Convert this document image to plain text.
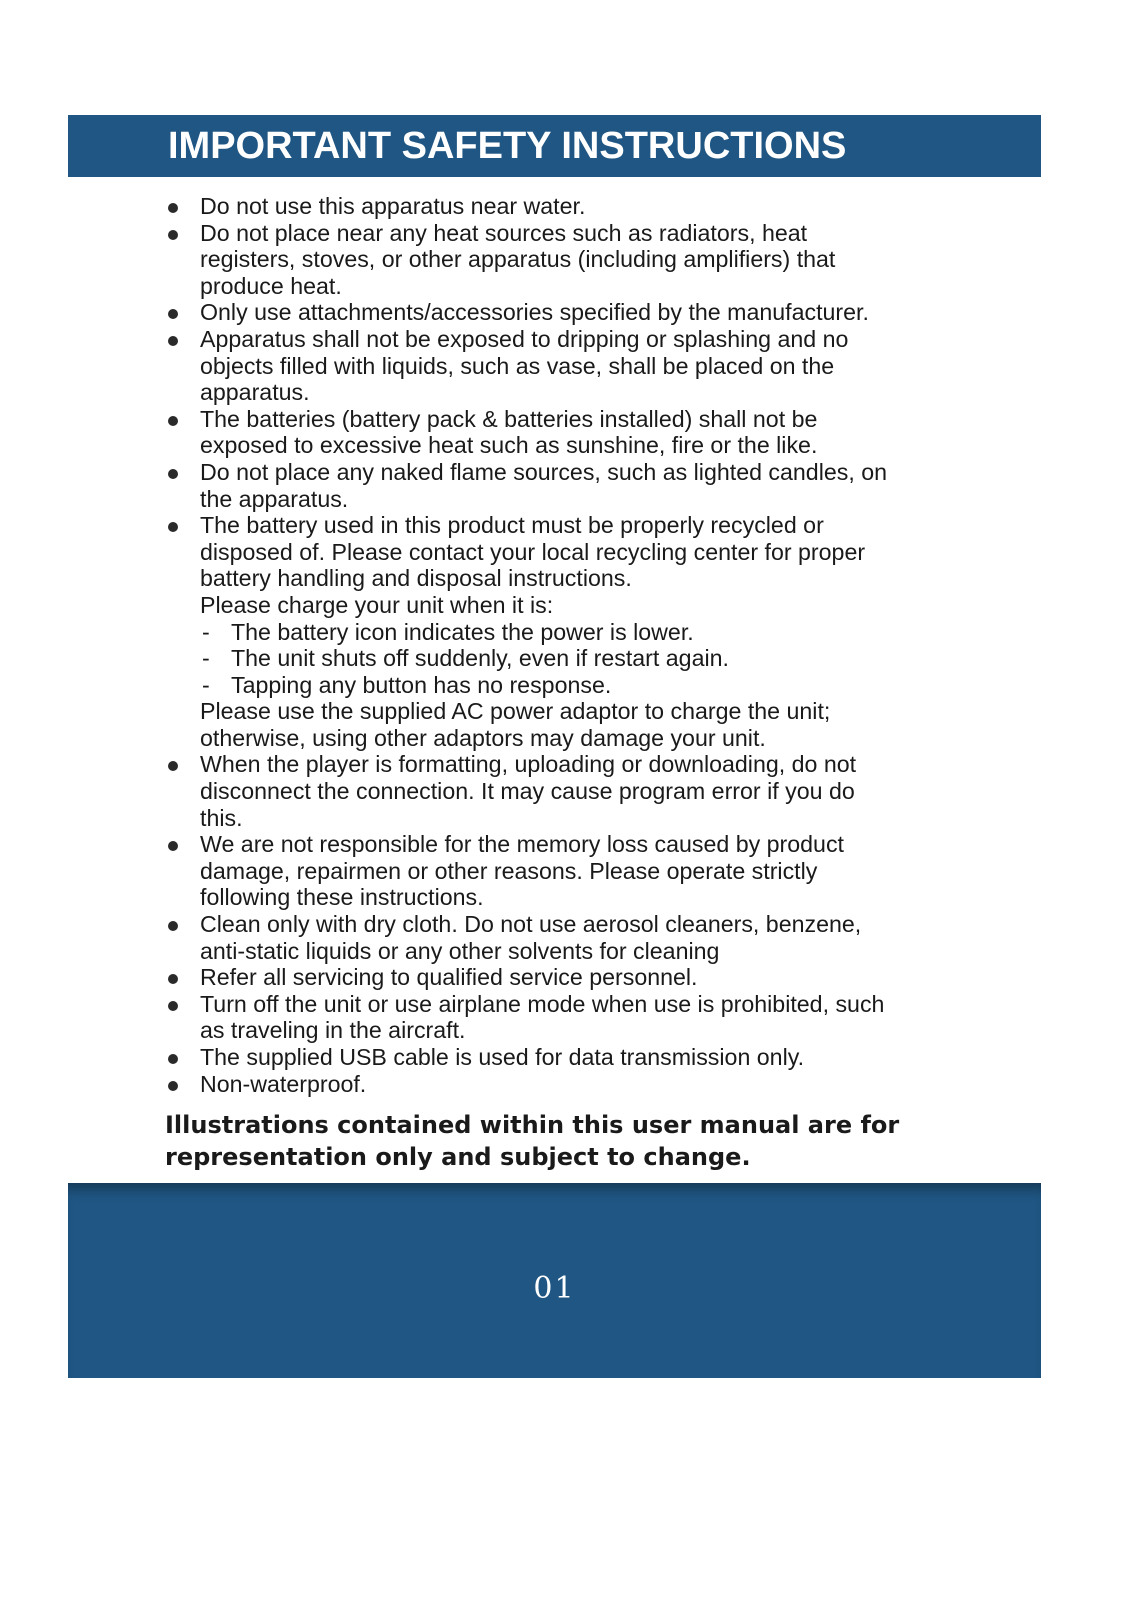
IMPORTANT SAFETY INSTRUCTIONS
Do not use this apparatus near water.
Do not place near any heat sources such as radiators, heat
registers, stoves, or other apparatus (including amplifiers) that
produce heat.
Only use attachments/accessories specified by the manufacturer.
Apparatus shall not be exposed to dripping or splashing and no
objects filled with liquids, such as vase, shall be placed on the
apparatus.
The batteries (battery pack & batteries installed) shall not be
exposed to excessive heat such as sunshine, fire or the like.
Do not place any naked flame sources, such as lighted candles, on
the apparatus.
The battery used in this product must be properly recycled or
disposed of. Please contact your local recycling center for proper
battery handling and disposal instructions.
Please charge your unit when it is:
- The battery icon indicates the power is lower.
- The unit shuts off suddenly, even if restart again.
- Tapping any button has no response.
Please use the supplied AC power adaptor to charge the unit;
otherwise, using other adaptors may damage your unit.
When the player is formatting, uploading or downloading, do not
disconnect the connection. It may cause program error if you do
this.
We are not responsible for the memory loss caused by product
damage, repairmen or other reasons. Please operate strictly
following these instructions.
Clean only with dry cloth. Do not use aerosol cleaners, benzene,
anti-static liquids or any other solvents for cleaning
Refer all servicing to qualified service personnel.
Turn off the unit or use airplane mode when use is prohibited, such
as traveling in the aircraft.
The supplied USB cable is used for data transmission only.
Non-waterproof.

Illustrations contained within this user manual are for
representation only and subject to change.

01
